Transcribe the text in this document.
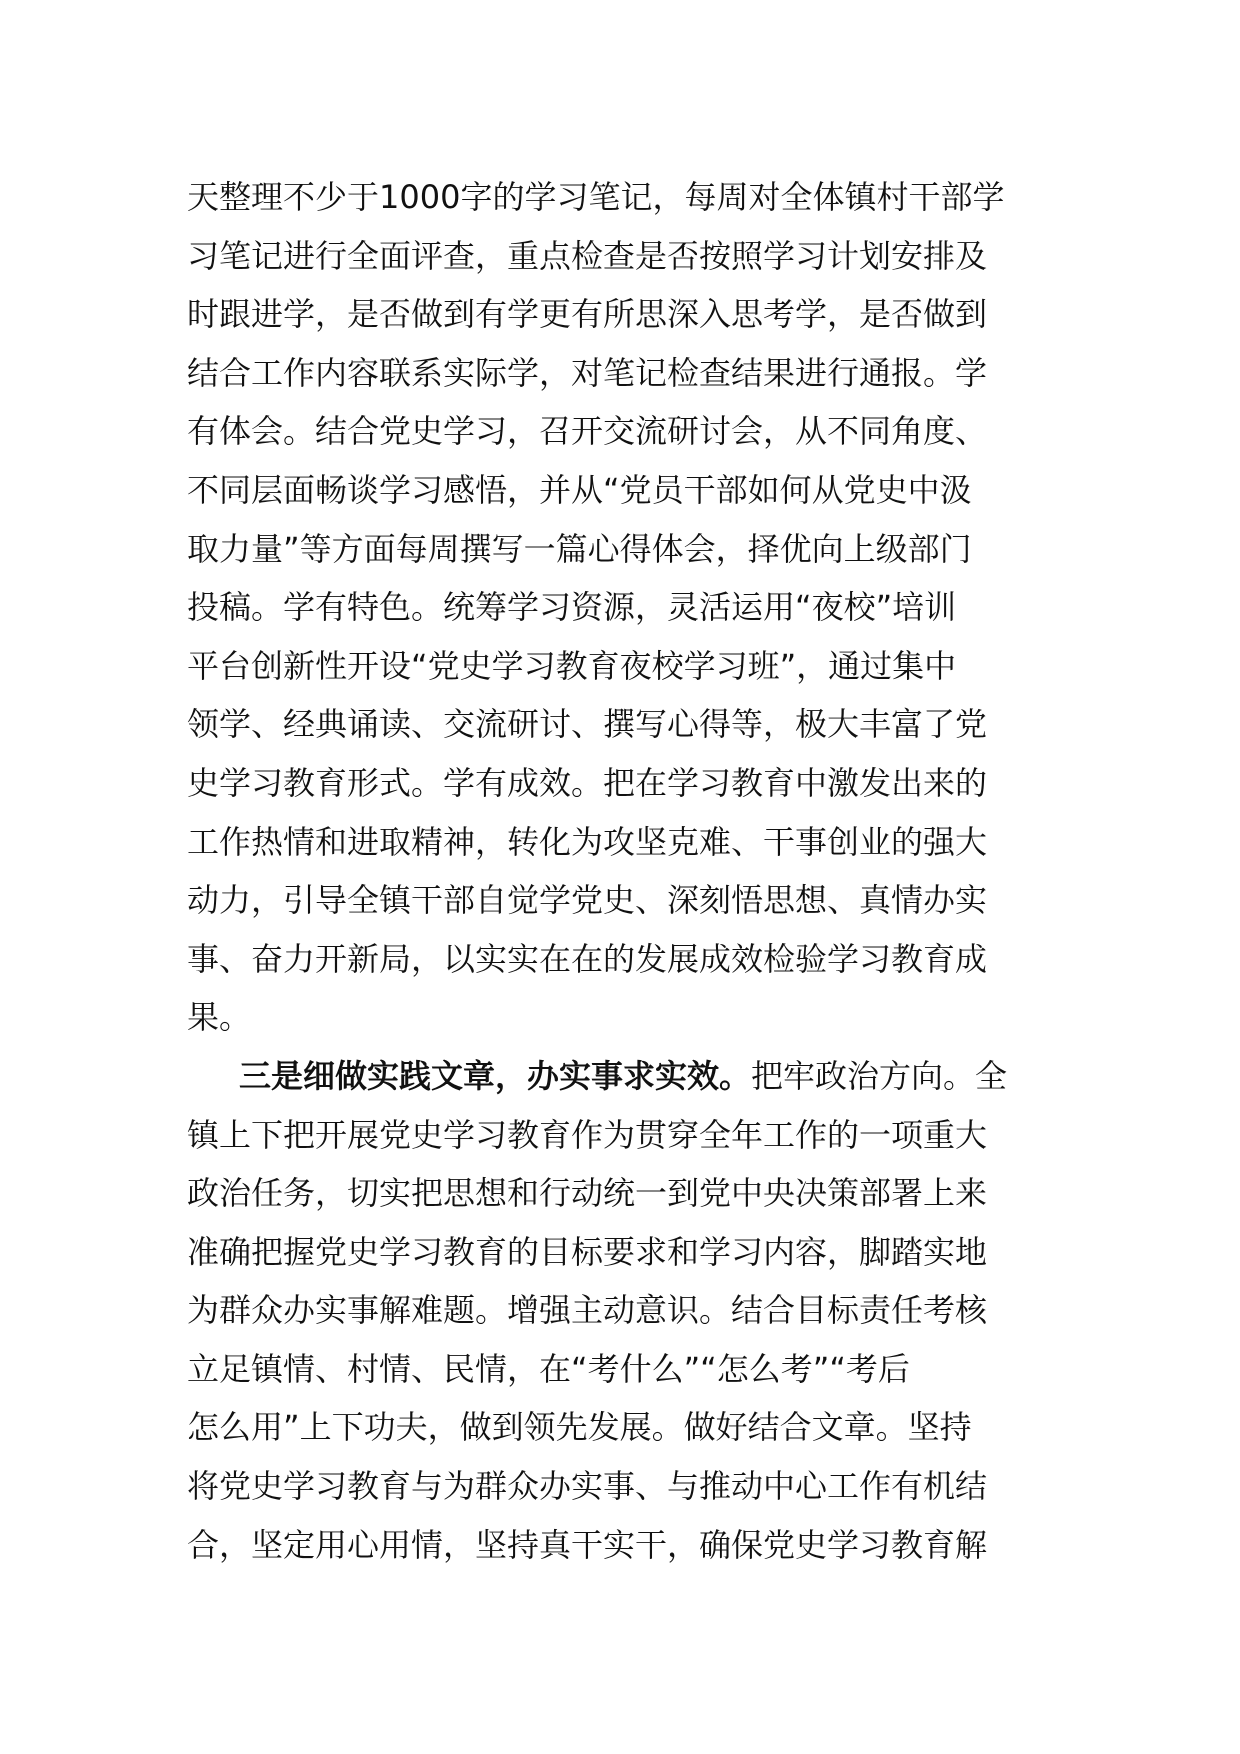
天整理不少于1000字的学习笔记，每周对全体镇村干部学
习笔记进行全面评查，重点检查是否按照学习计划安排及
时跟进学，是否做到有学更有所思深入思考学，是否做到
结合工作内容联系实际学，对笔记检查结果进行通报。学
有体会。结合党史学习，召开交流研讨会，从不同角度、
不同层面畅谈学习感悟，并从“党员干部如何从党史中汲
取力量”等方面每周撰写一篇心得体会，择优向上级部门
投稿。学有特色。统筹学习资源，灵活运用“夜校”培训
平台创新性开设“党史学习教育夜校学习班”，通过集中
领学、经典诵读、交流研讨、撰写心得等，极大丰富了党
史学习教育形式。学有成效。把在学习教育中激发出来的
工作热情和进取精神，转化为攻坚克难、干事创业的强大
动力，引导全镇干部自觉学党史、深刻悟思想、真情办实
事、奋力开新局，以实实在在的发展成效检验学习教育成
果。
三是细做实践文章，办实事求实效。把牢政治方向。全
镇上下把开展党史学习教育作为贯穿全年工作的一项重大
政治任务，切实把思想和行动统一到党中央决策部署上来
准确把握党史学习教育的目标要求和学习内容，脚踏实地
为群众办实事解难题。增强主动意识。结合目标责任考核
立足镇情、村情、民情，在“考什么”“怎么考”“考后
怎么用”上下功夫，做到领先发展。做好结合文章。坚持
将党史学习教育与为群众办实事、与推动中心工作有机结
合，坚定用心用情，坚持真干实干，确保党史学习教育解
